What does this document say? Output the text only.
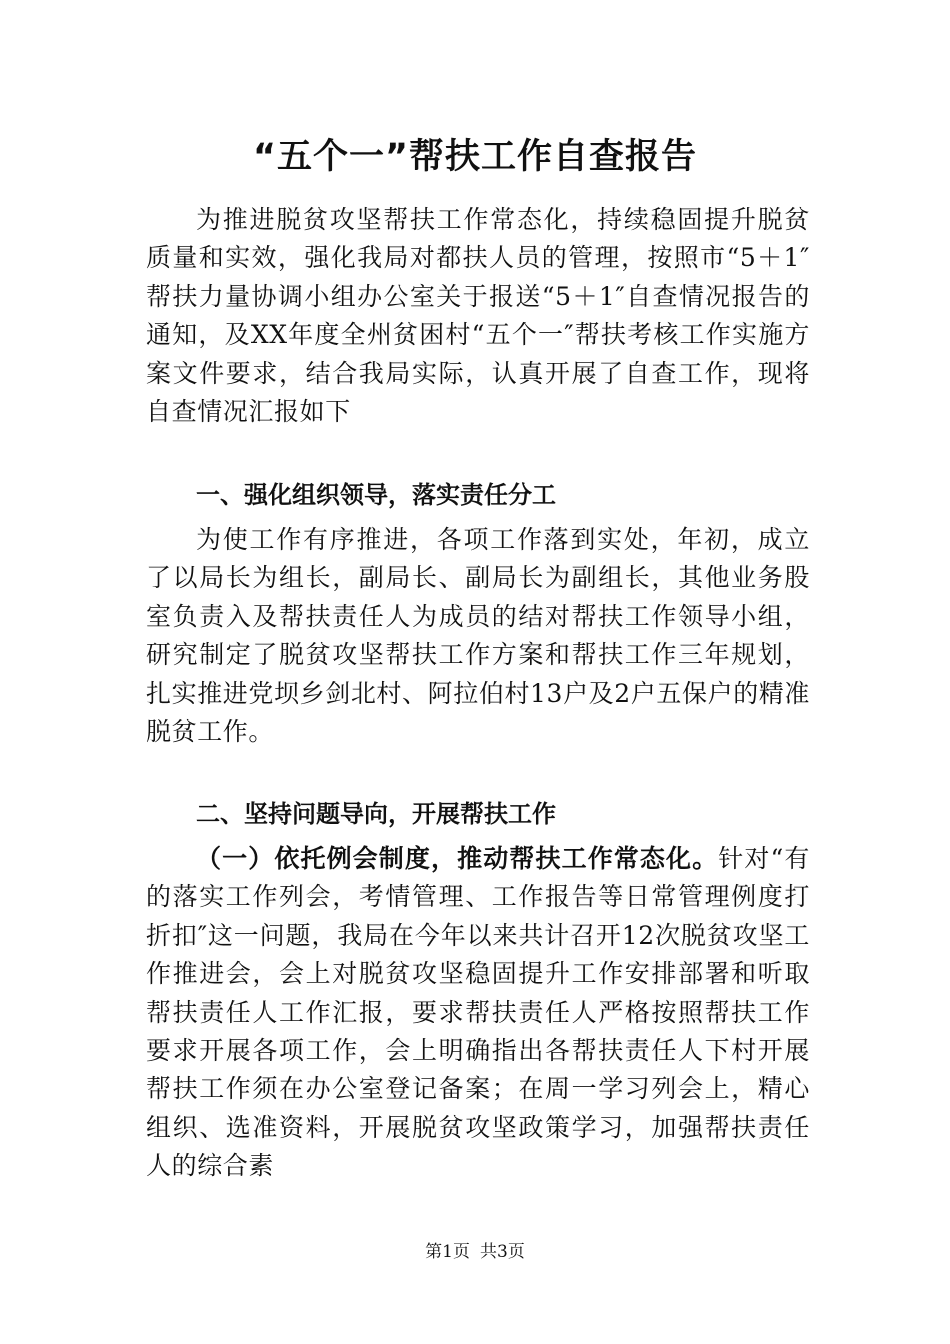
“五个一”帮扶工作自查报告

为推进脱贫攻坚帮扶工作常态化，持续稳固提升脱贫质量和实效，强化我局对都扶人员的管理，按照市“5＋1″帮扶力量协调小组办公室关于报送“5＋1″自查情况报告的通知，及XX年度全州贫困村“五个一″帮扶考核工作实施方案文件要求，结合我局实际，认真开展了自查工作，现将自查情况汇报如下

一、强化组织领导，落实责任分工

为使工作有序推进，各项工作落到实处，年初，成立了以局长为组长，副局长、副局长为副组长，其他业务股室负责入及帮扶责任人为成员的结对帮扶工作领导小组，研究制定了脱贫攻坚帮扶工作方案和帮扶工作三年规划，扎实推进党坝乡剑北村、阿拉伯村13户及2户五保户的精准脱贫工作。

二、坚持问题导向，开展帮扶工作

（一）依托例会制度，推动帮扶工作常态化。针对“有的落实工作列会，考情管理、工作报告等日常管理例度打折扣″这一问题，我局在今年以来共计召开12次脱贫攻坚工作推进会，会上对脱贫攻坚稳固提升工作安排部署和听取帮扶责任人工作汇报，要求帮扶责任人严格按照帮扶工作要求开展各项工作，会上明确指出各帮扶责任人下村开展帮扶工作须在办公室登记备案；在周一学习列会上，精心组织、选准资料，开展脱贫攻坚政策学习，加强帮扶责任人的综合素

第1页 共3页
